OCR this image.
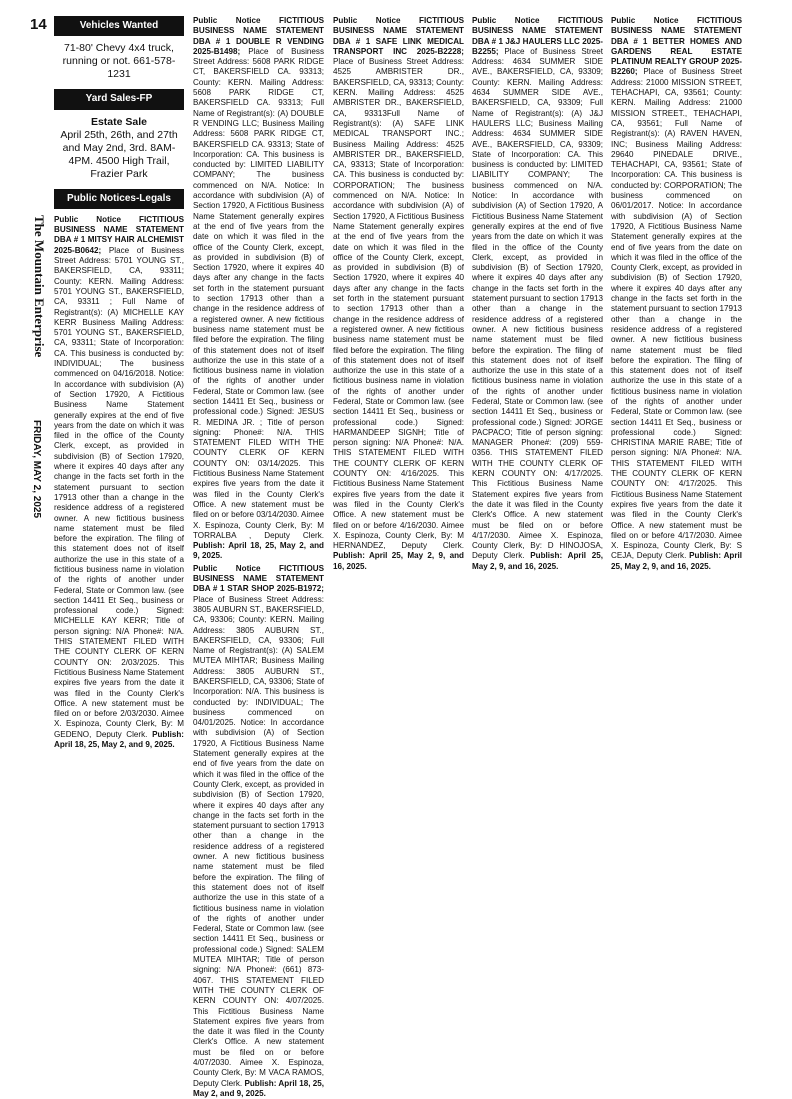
14
The Mountain Enterprise
FRIDAY, MAY 2, 2025
Vehicles Wanted
71-80' Chevy 4x4 truck, running or not. 661-578-1231
Yard Sales-FP
Estate Sale
April 25th, 26th, and 27th and May 2nd, 3rd. 8AM-4PM. 4500 High Trail, Frazier Park
Public Notices-Legals
Public Notice FICTITIOUS BUSINESS NAME STATEMENT DBA # 1 MITSY HAIR ALCHEMIST 2025-B0642; Place of Business Street Address: 5701 YOUNG ST., BAKERSFIELD, CA, 93311; County: KERN. Mailing Address: 5701 YOUNG ST., BAKERSFIELD, CA, 93311 ; Full Name of Registrant(s): (A) MICHELLE KAY KERR Business Mailing Address: 5701 YOUNG ST., BAKERSFIELD, CA, 93311; State of Incorporation: CA. This business is conducted by: INDIVIDUAL; The business commenced on 04/16/2018. Notice: In accordance with subdivision (A) of Section 17920, A Fictitious Business Name Statement generally expires at the end of five years from the date on which it was filed in the office of the County Clerk, except, as provided in subdivision (B) of Section 17920, where it expires 40 days after any change in the facts set forth in the statement pursuant to section 17913 other than a change in the residence address of a registered owner. A new fictitious business name statement must be filed before the expiration. The filing of this statement does not of itself authorize the use in this state of a fictitious business name in violation of the rights of another under Federal, State or Common law. (see section 14411 Et Seq., business or professional code.) Signed: MICHELLE KAY KERR; Title of person signing: N/A Phone#: N/A. THIS STATEMENT FILED WITH THE COUNTY CLERK OF KERN COUNTY ON: 2/03/2025. This Fictitious Business Name Statement expires five years from the date it was filed in the County Clerk's Office. A new statement must be filed on or before 2/03/2030. Aimee X. Espinoza, County Clerk, By: M GEDENO, Deputy Clerk. Publish: April 18, 25, May 2, and 9, 2025.
Public Notice FICTITIOUS BUSINESS NAME STATEMENT DBA # 1 DOUBLE R VENDING 2025-B1498; Place of Business Street Address: 5608 PARK RIDGE CT, BAKERSFIELD CA. 93313; County: KERN. Mailing Address: 5608 PARK RIDGE CT, BAKERSFIELD CA. 93313; Full Name of Registrant(s): (A) DOUBLE R VENDING LLC; Business Mailing Address: 5608 PARK RIDGE CT, BAKERSFIELD CA. 93313; State of Incorporation: CA. This business is conducted by: LIMITED LIABILITY COMPANY; The business commenced on N/A. Notice: In accordance with subdivision (A) of Section 17920, A Fictitious Business Name Statement generally expires at the end of five years from the date on which it was filed in the office of the County Clerk, except, as provided in subdivision (B) of Section 17920, where it expires 40 days after any change in the facts set forth in the statement pursuant to section 17913 other than a change in the residence address of a registered owner. A new fictitious business name statement must be filed before the expiration. The filing of this statement does not of itself authorize the use in this state of a fictitious business name in violation of the rights of another under Federal, State or Common law. (see section 14411 Et Seq., business or professional code.) Signed: JESUS R. MEDINA JR. ; Title of person signing: Phone#: N/A. THIS STATEMENT FILED WITH THE COUNTY CLERK OF KERN COUNTY ON: 03/14/2025. This Fictitious Business Name Statement expires five years from the date it was filed in the County Clerk's Office. A new statement must be filed on or before 03/14/2030. Aimee X. Espinoza, County Clerk, By: M TORRALBA , Deputy Clerk. Publish: April 18, 25, May 2, and 9, 2025.
Public Notice FICTITIOUS BUSINESS NAME STATEMENT DBA # 1 STAR SHOP 2025-B1972; Place of Business Street Address: 3805 AUBURN ST., BAKERSFIELD, CA, 93306; County: KERN. Mailing Address: 3805 AUBURN ST., BAKERSFIELD, CA, 93306; Full Name of Registrant(s): (A) SALEM MUTEA MIHTAR; Business Mailing Address: 3805 AUBURN ST., BAKERSFIELD, CA, 93306; State of Incorporation: N/A. This business is conducted by: INDIVIDUAL; The business commenced on 04/01/2025. Notice: In accordance with subdivision (A) of Section 17920, A Fictitious Business Name Statement generally expires at the end of five years from the date on which it was filed in the office of the County Clerk, except, as provided in subdivision (B) of Section 17920, where it expires 40 days after any change in the facts set forth in the statement pursuant to section 17913 other than a change in the residence address of a registered owner. A new fictitious business name statement must be filed before the expiration. The filing of this statement does not of itself authorize the use in this state of a fictitious business name in violation of the rights of another under Federal, State or Common law. (see section 14411 Et Seq., business or professional code.) Signed: SALEM MUTEA MIHTAR; Title of person signing: N/A Phone#: (661) 873-4067. THIS STATEMENT FILED WITH THE COUNTY CLERK OF KERN COUNTY ON: 4/07/2025. This Fictitious Business Name Statement expires five years from the date it was filed in the County Clerk's Office. A new statement must be filed on or before 4/07/2030. Aimee X. Espinoza, County Clerk, By: M VACA RAMOS, Deputy Clerk. Publish: April 18, 25, May 2, and 9, 2025.
Public Notice FICTITIOUS BUSINESS NAME STATEMENT DBA # 1 SAFE LINK MEDICAL TRANSPORT INC 2025-B2228; Place of Business Street Address: 4525 AMBRISTER DR., BAKERSFIELD, CA, 93313; County: KERN. Mailing Address: 4525 AMBRISTER DR., BAKERSFIELD, CA, 93313Full Name of Registrant(s): (A) SAFE LINK MEDICAL TRANSPORT INC.; Business Mailing Address: 4525 AMBRISTER DR., BAKERSFIELD, CA, 93313; State of Incorporation: CA. This business is conducted by: CORPORATION; The business commenced on N/A. Notice: In accordance with subdivision (A) of Section 17920, A Fictitious Business Name Statement generally expires at the end of five years from the date on which it was filed in the office of the County Clerk, except, as provided in subdivision (B) of Section 17920, where it expires 40 days after any change in the facts set forth in the statement pursuant to section 17913 other than a change in the residence address of a registered owner. A new fictitious business name statement must be filed before the expiration. The filing of this statement does not of itself authorize the use in this state of a fictitious business name in violation of the rights of another under Federal, State or Common law. (see section 14411 Et Seq., business or professional code.) Signed: HARMANDEEP SIGNH; Title of person signing: N/A Phone#: N/A. THIS STATEMENT FILED WITH THE COUNTY CLERK OF KERN COUNTY ON: 4/16/2025. This Fictitious Business Name Statement expires five years from the date it was filed in the County Clerk's Office. A new statement must be filed on or before 4/16/2030. Aimee X. Espinoza, County Clerk, By: M HERNANDEZ, Deputy Clerk. Publish: April 25, May 2, 9, and 16, 2025.
Public Notice FICTITIOUS BUSINESS NAME STATEMENT DBA # 1 J&J HAULERS LLC 2025-B2255; Place of Business Street Address: 4634 SUMMER SIDE AVE., BAKERSFIELD, CA, 93309; County: KERN. Mailing Address: 4634 SUMMER SIDE AVE., BAKERSFIELD, CA, 93309; Full Name of Registrant(s): (A) J&J HAULERS LLC; Business Mailing Address: 4634 SUMMER SIDE AVE., BAKERSFIELD, CA, 93309; State of Incorporation: CA. This business is conducted by: LIMITED LIABILITY COMPANY; The business commenced on N/A. Notice: In accordance with subdivision (A) of Section 17920, A Fictitious Business Name Statement generally expires at the end of five years from the date on which it was filed in the office of the County Clerk, except, as provided in subdivision (B) of Section 17920, where it expires 40 days after any change in the facts set forth in the statement pursuant to section 17913 other than a change in the residence address of a registered owner. A new fictitious business name statement must be filed before the expiration. The filing of this statement does not of itself authorize the use in this state of a fictitious business name in violation of the rights of another under Federal, State or Common law. (see section 14411 Et Seq., business or professional code.) Signed: JORGE PACPACO; Title of person signing: MANAGER Phone#: (209) 559-0356. THIS STATEMENT FILED WITH THE COUNTY CLERK OF KERN COUNTY ON: 4/17/2025. This Fictitious Business Name Statement expires five years from the date it was filed in the County Clerk's Office. A new statement must be filed on or before 4/17/2030. Aimee X. Espinoza, County Clerk, By: D HINOJOSA, Deputy Clerk. Publish: April 25, May 2, 9, and 16, 2025.
Public Notice FICTITIOUS BUSINESS NAME STATEMENT DBA # 1 BETTER HOMES AND GARDENS REAL ESTATE PLATINUM REALTY GROUP 2025-B2260; Place of Business Street Address: 21000 MISSION STREET, TEHACHAPI, CA, 93561; County: KERN. Mailing Address: 21000 MISSION STREET., TEHACHAPI, CA, 93561; Full Name of Registrant(s): (A) RAVEN HAVEN, INC; Business Mailing Address: 29640 PINEDALE DRIVE., TEHACHAPI, CA, 93561; State of Incorporation: CA. This business is conducted by: CORPORATION; The business commenced on 06/01/2017. Notice: In accordance with subdivision (A) of Section 17920, A Fictitious Business Name Statement generally expires at the end of five years from the date on which it was filed in the office of the County Clerk, except, as provided in subdivision (B) of Section 17920, where it expires 40 days after any change in the facts set forth in the statement pursuant to section 17913 other than a change in the residence address of a registered owner. A new fictitious business name statement must be filed before the expiration. The filing of this statement does not of itself authorize the use in this state of a fictitious business name in violation of the rights of another under Federal, State or Common law. (see section 14411 Et Seq., business or professional code.) Signed: CHRISTINA MARIE RABE; Title of person signing: N/A Phone#: N/A. THIS STATEMENT FILED WITH THE COUNTY CLERK OF KERN COUNTY ON: 4/17/2025. This Fictitious Business Name Statement expires five years from the date it was filed in the County Clerk's Office. A new statement must be filed on or before 4/17/2030. Aimee X. Espinoza, County Clerk, By: S CEJA, Deputy Clerk. Publish: April 25, May 2, 9, and 16, 2025.
